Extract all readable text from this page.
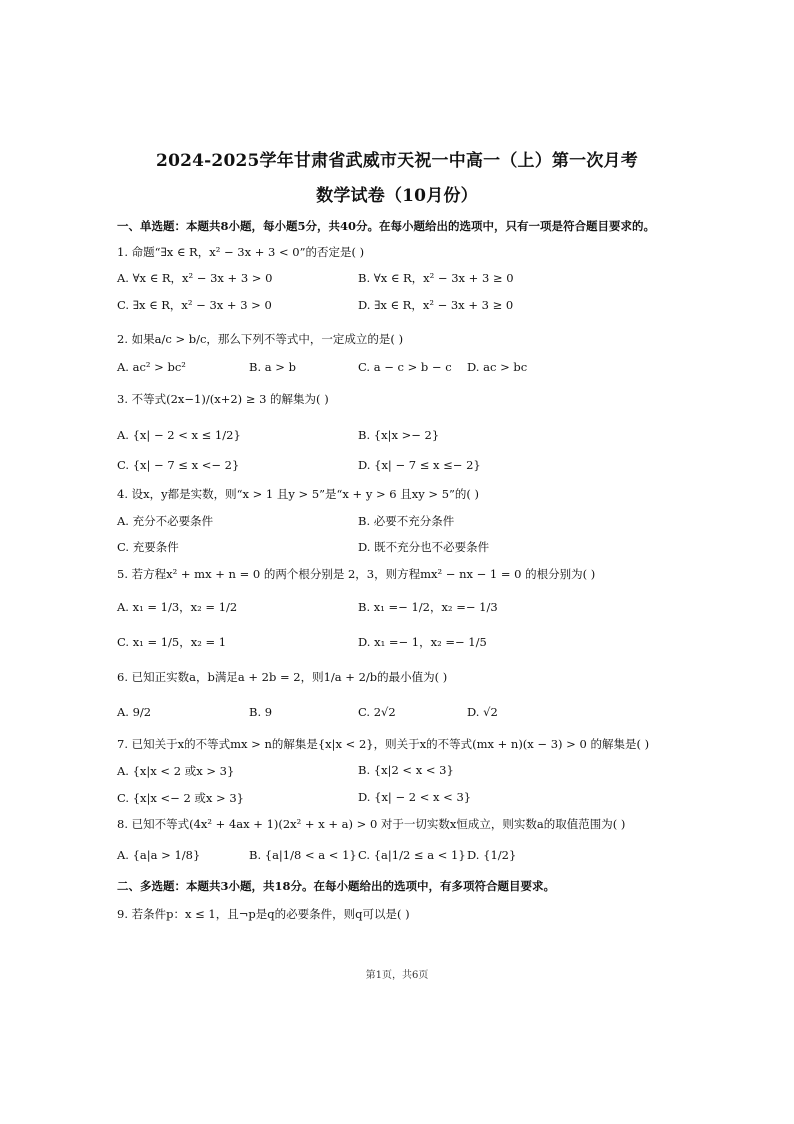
2024-2025学年甘肃省武威市天祝一中高一（上）第一次月考
数学试卷（10月份）
一、单选题：本题共8小题，每小题5分，共40分。在每小题给出的选项中，只有一项是符合题目要求的。
1. 命题“∃x ∈ R，x² − 3x + 3 < 0”的否定是( )
A. ∀x ∈ R，x² − 3x + 3 > 0	B. ∀x ∈ R，x² − 3x + 3 ≥ 0
C. ∃x ∈ R，x² − 3x + 3 > 0	D. ∃x ∈ R，x² − 3x + 3 ≥ 0
2. 如果a/c > b/c，那么下列不等式中，一定成立的是( )
A. ac² > bc²	B. a > b	C. a − c > b − c D. ac > bc
3. 不等式(2x−1)/(x+2) ≥ 3 的解集为( )
A. {x| − 2 < x ≤ 1/2}	B. {x|x >− 2}
C. {x| − 7 ≤ x <− 2}	D. {x| − 7 ≤ x ≤− 2}
4. 设x，y都是实数，则“x > 1 且y > 5”是“x + y > 6 且xy > 5”的( )
A. 充分不必要条件	B. 必要不充分条件
C. 充要条件	D. 既不充分也不必要条件
5. 若方程x² + mx + n = 0 的两个根分别是 2，3，则方程mx² − nx − 1 = 0 的根分别为( )
A. x₁ = 1/3，x₂ = 1/2	B. x₁ =− 1/2，x₂ =− 1/3
C. x₁ = 1/5，x₂ = 1	D. x₁ =− 1，x₂ =− 1/5
6. 已知正实数a，b满足a + 2b = 2，则1/a + 2/b的最小值为( )
A. 9/2	B. 9	C. 2√2	D. √2
7. 已知关于x的不等式mx > n的解集是{x|x < 2}，则关于x的不等式(mx + n)(x − 3) > 0 的解集是( )
A. {x|x < 2 或x > 3}	B. {x|2 < x < 3}
C. {x|x <− 2 或x > 3}	D. {x| − 2 < x < 3}
8. 已知不等式(4x² + 4ax + 1)(2x² + x + a) > 0 对于一切实数x恒成立，则实数a的取值范围为( )
A. {a|a > 1/8}	B. {a|1/8 < a < 1} C. {a|1/2 ≤ a < 1} D. {1/2}
二、多选题：本题共3小题，共18分。在每小题给出的选项中，有多项符合题目要求。
9. 若条件p：x ≤ 1，且¬p是q的必要条件，则q可以是( )
第1页，共6页
